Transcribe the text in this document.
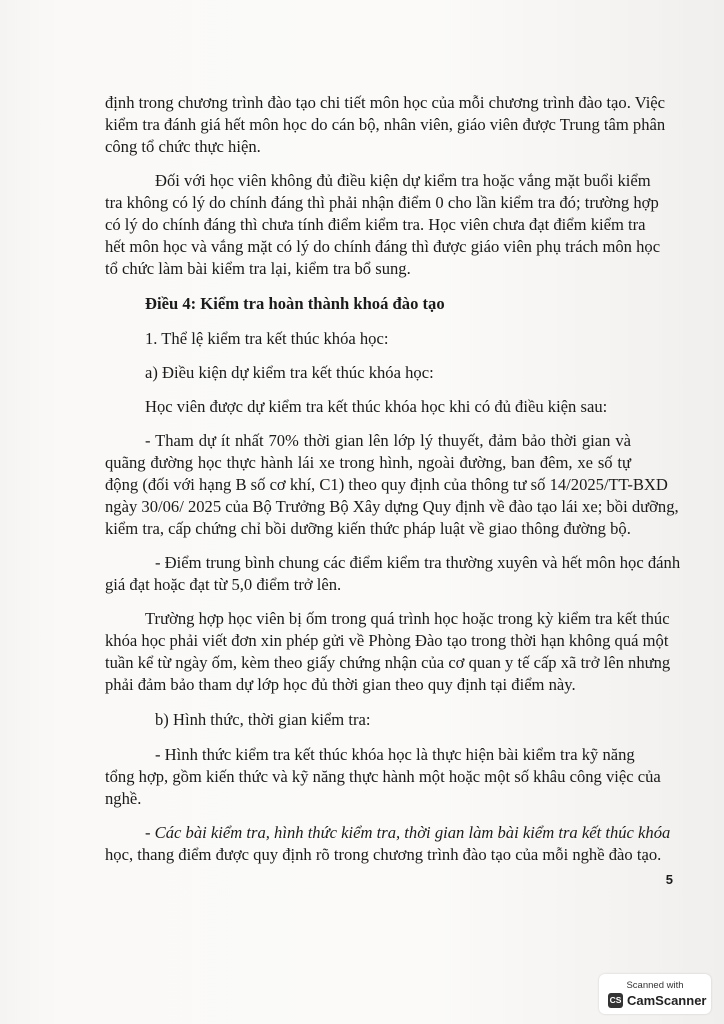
định trong chương trình đào tạo chi tiết môn học của mỗi chương trình đào tạo. Việc
kiểm tra đánh giá hết môn học do cán bộ, nhân viên, giáo viên được Trung tâm phân
công tổ chức thực hiện.
Đối với học viên không đủ điều kiện dự kiểm tra hoặc vắng mặt buổi kiểm
tra không có lý do chính đáng thì phải nhận điểm 0 cho lần kiểm tra đó; trường hợp
có lý do chính đáng thì chưa tính điểm kiểm tra. Học viên chưa đạt điểm kiểm tra
hết môn học và vắng mặt có lý do chính đáng thì được giáo viên phụ trách môn học
tổ chức làm bài kiểm tra lại, kiểm tra bổ sung.
Điều 4: Kiểm tra hoàn thành khoá đào tạo
1. Thể lệ kiểm tra kết thúc khóa học:
a) Điều kiện dự kiểm tra kết thúc khóa học:
Học viên được dự kiểm tra kết thúc khóa học khi có đủ điều kiện sau:
- Tham dự ít nhất 70% thời gian lên lớp lý thuyết, đảm bảo thời gian và
quãng đường học thực hành lái xe trong hình, ngoài đường, ban đêm, xe số tự
động (đối với hạng B số cơ khí, C1) theo quy định của thông tư số 14/2025/TT-BXD
ngày 30/06/ 2025 của Bộ Trưởng Bộ Xây dựng Quy định về đào tạo lái xe; bồi dưỡng,
kiểm tra, cấp chứng chỉ bồi dưỡng kiến thức pháp luật về giao thông đường bộ.
- Điểm trung bình chung các điểm kiểm tra thường xuyên và hết môn học đánh
giá đạt hoặc đạt từ 5,0 điểm trở lên.
Trường hợp học viên bị ốm trong quá trình học hoặc trong kỳ kiểm tra kết thúc
khóa học phải viết đơn xin phép gửi về Phòng Đào tạo trong thời hạn không quá một
tuần kể từ ngày ốm, kèm theo giấy chứng nhận của cơ quan y tế cấp xã trở lên nhưng
phải đảm bảo tham dự lớp học đủ thời gian theo quy định tại điểm này.
b) Hình thức, thời gian kiểm tra:
- Hình thức kiểm tra kết thúc khóa học là thực hiện bài kiểm tra kỹ năng
tổng hợp, gồm kiến thức và kỹ năng thực hành một hoặc một số khâu công việc của
nghề.
- Các bài kiểm tra, hình thức kiểm tra, thời gian làm bài kiểm tra kết thúc khóa
học, thang điểm được quy định rõ trong chương trình đào tạo của mỗi nghề đào tạo.
5
Scanned with
CS CamScanner
